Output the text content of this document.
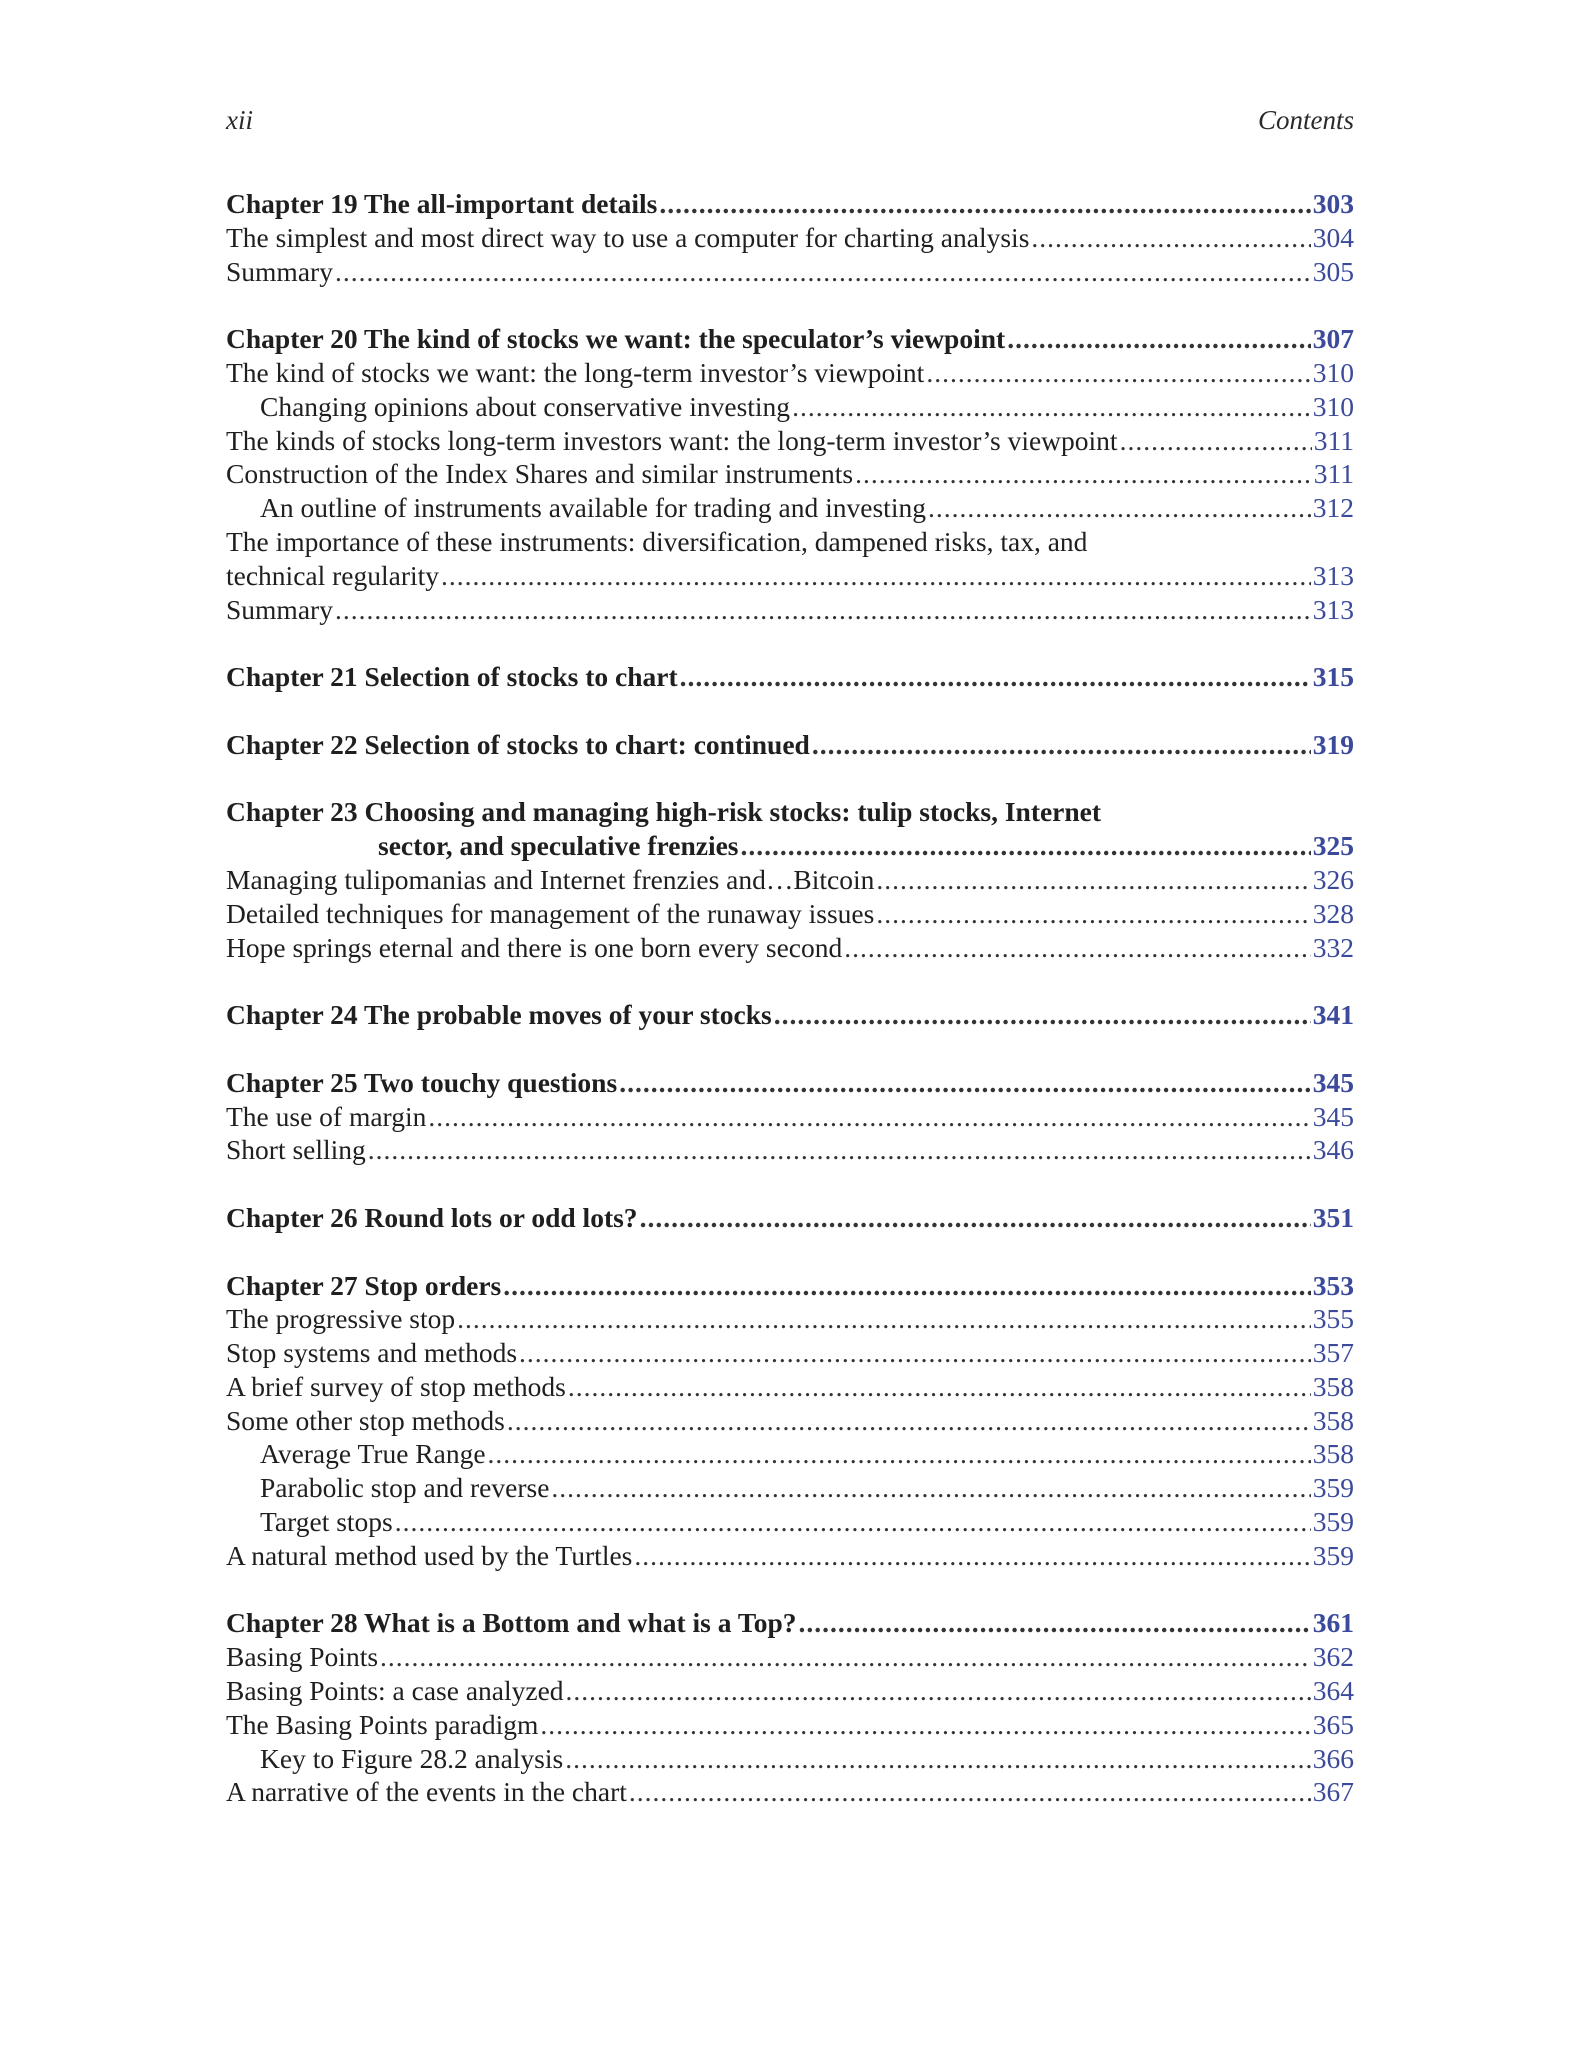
xii	Contents
Chapter 19 The all-important details .....	303
The simplest and most direct way to use a computer for charting analysis .....	304
Summary .....	305
Chapter 20 The kind of stocks we want: the speculator’s viewpoint .....	307
The kind of stocks we want: the long-term investor’s viewpoint .....	310
Changing opinions about conservative investing .....	310
The kinds of stocks long-term investors want: the long-term investor’s viewpoint .....	311
Construction of the Index Shares and similar instruments .....	311
An outline of instruments available for trading and investing .....	312
The importance of these instruments: diversification, dampened risks, tax, and
technical regularity .....	313
Summary .....	313
Chapter 21 Selection of stocks to chart .....	315
Chapter 22 Selection of stocks to chart: continued .....	319
Chapter 23 Choosing and managing high-risk stocks: tulip stocks, Internet
sector, and speculative frenzies .....	325
Managing tulipomanias and Internet frenzies and…Bitcoin .....	326
Detailed techniques for management of the runaway issues .....	328
Hope springs eternal and there is one born every second .....	332
Chapter 24 The probable moves of your stocks .....	341
Chapter 25 Two touchy questions .....	345
The use of margin .....	345
Short selling .....	346
Chapter 26 Round lots or odd lots? .....	351
Chapter 27 Stop orders .....	353
The progressive stop .....	355
Stop systems and methods .....	357
A brief survey of stop methods .....	358
Some other stop methods .....	358
Average True Range .....	358
Parabolic stop and reverse .....	359
Target stops .....	359
A natural method used by the Turtles .....	359
Chapter 28 What is a Bottom and what is a Top? .....	361
Basing Points .....	362
Basing Points: a case analyzed .....	364
The Basing Points paradigm .....	365
Key to Figure 28.2 analysis .....	366
A narrative of the events in the chart .....	367
